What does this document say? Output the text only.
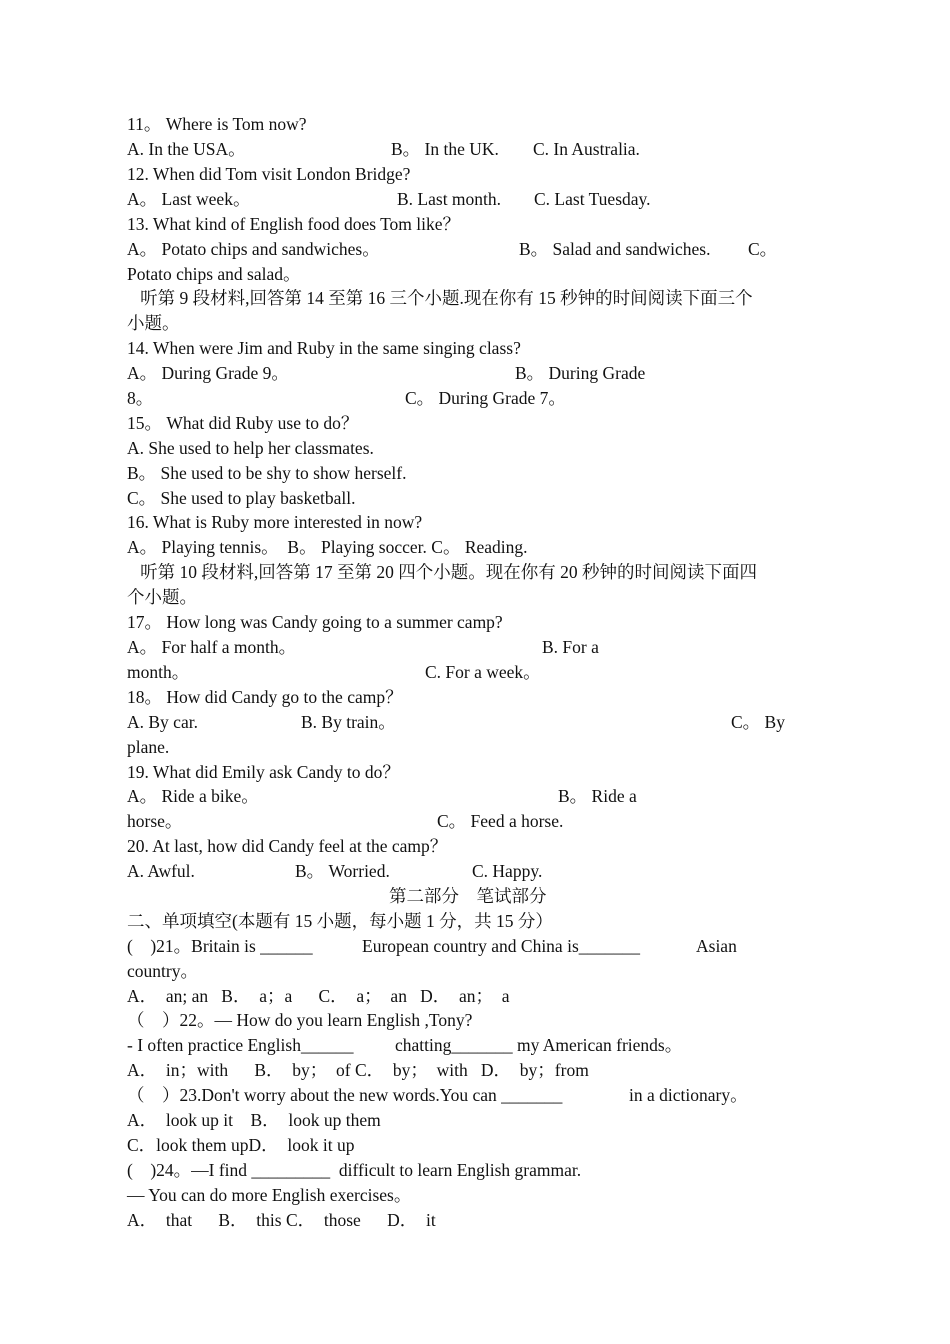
11。 Where is Tom now?
A. In the USA。	B。 In the UK. C. In Australia.
12. When did Tom visit London Bridge?
A。 Last week。	B. Last month. C. Last Tuesday.
13. What kind of English food does Tom like？
A。 Potato chips and sandwiches。	B。 Salad and sandwiches. C。
Potato chips and salad。
听第 9 段材料,回答第 14 至第 16 三个小题.现在你有 15 秒钟的时间阅读下面三个
小题。
14. When were Jim and Ruby in the same singing class?
A。 During Grade 9。	B。 During Grade
8。	C。 During Grade 7。
15。 What did Ruby use to do？
A. She used to help her classmates.
B。 She used to be shy to show herself.
C。 She used to play basketball.
16. What is Ruby more interested in now?
A。 Playing tennis。  B。 Playing soccer. C。 Reading.
听第 10 段材料,回答第 17 至第 20 四个小题。现在你有 20 秒钟的时间阅读下面四
个小题。
17。 How long was Candy going to a summer camp?
A。 For half a month。	B. For a
month。	C. For a week。
18。 How did Candy go to the camp？
A. By car.	B. By train。	C。 By
plane.
19. What did Emily ask Candy to do？
A。 Ride a bike。	B。 Ride a
horse。	C。 Feed a horse.
20. At last, how did Candy feel at the camp？
A. Awful.	B。 Worried.	C. Happy.
第二部分    笔试部分
二、单项填空(本题有 15 小题，每小题 1 分，共 15 分）
(    )21。Britain is ______	European country and China is_______	Asian
country。
A．  an; an   B．  a；a      C．  a；  an   D．  an；  a
（    ）22。— How do you learn English ,Tony?
- I often practice English______ chatting_______ my American friends。
A．  in；with      B．  by；  of C．  by；  with   D．  by；from
（    ）23.Don't worry about the new words.You can _______	in a dictionary。
A．  look up it    B．  look up them
C．look them upD．  look it up
(    )24。—I find _________  difficult to learn English grammar.
— You can do more English exercises。
A．  that      B．  this C．  those      D．  it
